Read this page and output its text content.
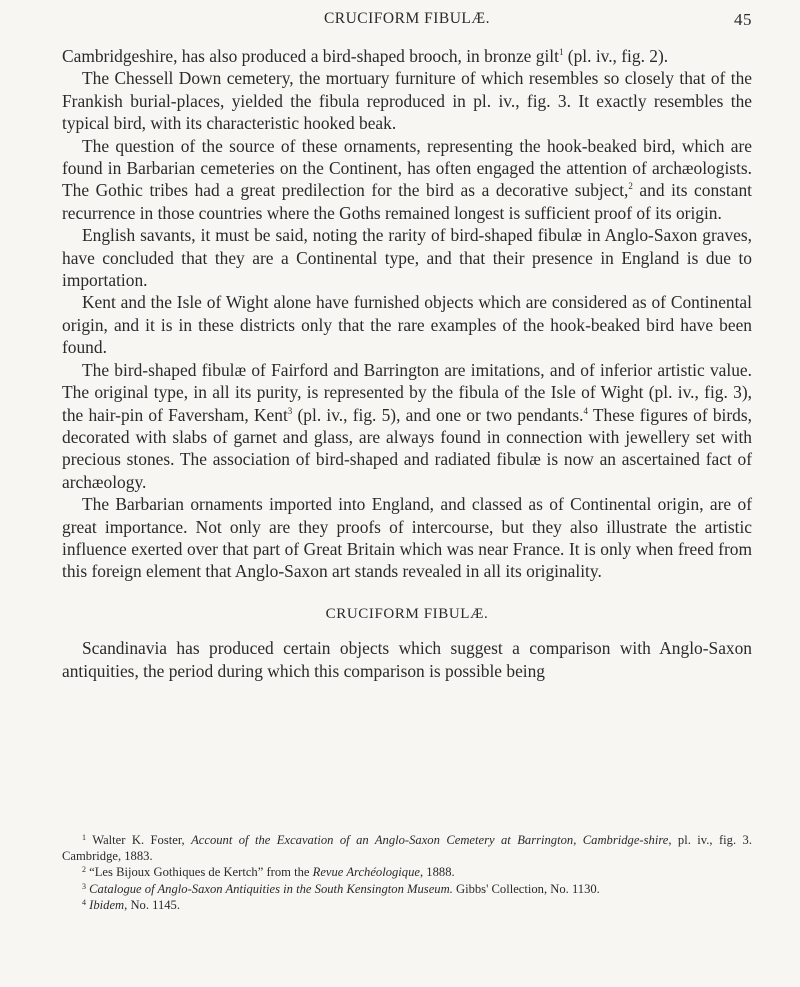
CRUCIFORM FIBULÆ.	45

Cambridgeshire, has also produced a bird-shaped brooch, in bronze gilt$^1$ (pl. iv., fig. 2).

The Chessell Down cemetery, the mortuary furniture of which resembles so closely that of the Frankish burial-places, yielded the fibula reproduced in pl. iv., fig. 3. It exactly resembles the typical bird, with its characteristic hooked beak.

The question of the source of these ornaments, representing the hook-beaked bird, which are found in Barbarian cemeteries on the Continent, has often engaged the attention of archæologists. The Gothic tribes had a great predilection for the bird as a decorative subject,$^2$ and its constant recurrence in those countries where the Goths remained longest is sufficient proof of its origin.

English savants, it must be said, noting the rarity of bird-shaped fibulæ in Anglo-Saxon graves, have concluded that they are a Continental type, and that their presence in England is due to importation.

Kent and the Isle of Wight alone have furnished objects which are considered as of Continental origin, and it is in these districts only that the rare examples of the hook-beaked bird have been found.

The bird-shaped fibulæ of Fairford and Barrington are imitations, and of inferior artistic value. The original type, in all its purity, is represented by the fibula of the Isle of Wight (pl. iv., fig. 3), the hair-pin of Faversham, Kent$^3$ (pl. iv., fig. 5), and one or two pendants.$^4$ These figures of birds, decorated with slabs of garnet and glass, are always found in connection with jewellery set with precious stones. The association of bird-shaped and radiated fibulæ is now an ascertained fact of archæology.

The Barbarian ornaments imported into England, and classed as of Continental origin, are of great importance. Not only are they proofs of intercourse, but they also illustrate the artistic influence exerted over that part of Great Britain which was near France. It is only when freed from this foreign element that Anglo-Saxon art stands revealed in all its originality.

CRUCIFORM FIBULÆ.

Scandinavia has produced certain objects which suggest a comparison with Anglo-Saxon antiquities, the period during which this comparison is possible being

$^1$ Walter K. Foster, Account of the Excavation of an Anglo-Saxon Cemetery at Barrington, Cambridge-shire, pl. iv., fig. 3. Cambridge, 1883.

$^2$ “Les Bijoux Gothiques de Kertch” from the Revue Archéologique, 1888.

$^3$ Catalogue of Anglo-Saxon Antiquities in the South Kensington Museum. Gibbs' Collection, No. 1130.

$^4$ Ibidem, No. 1145.
